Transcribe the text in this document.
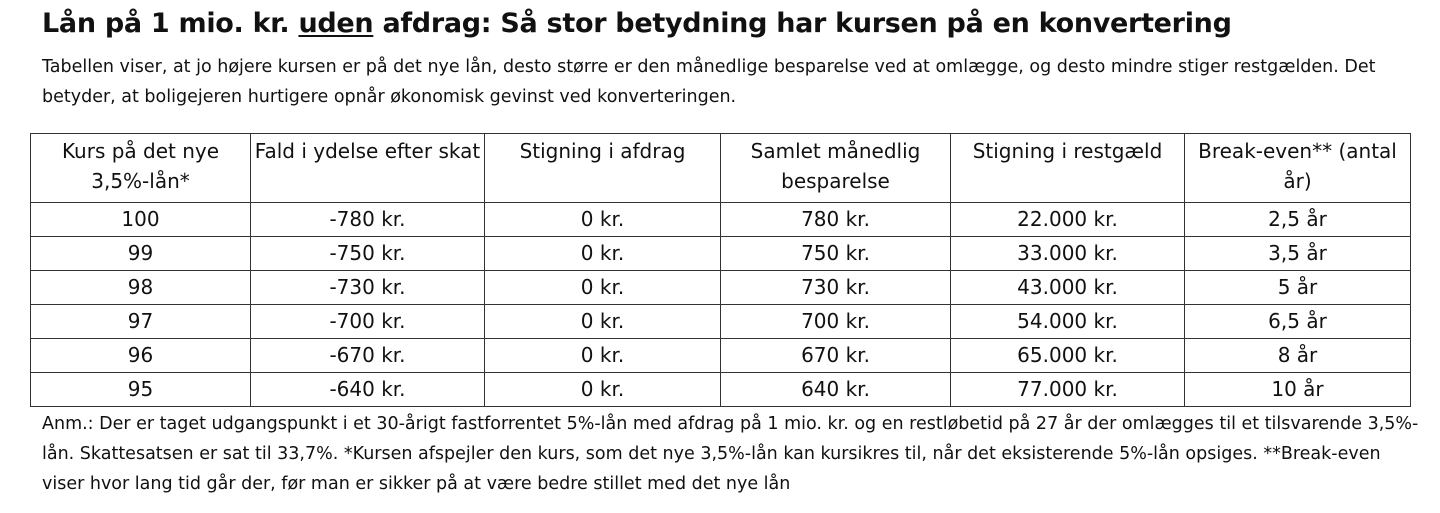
Lån på 1 mio. kr. uden afdrag: Så stor betydning har kursen på en konvertering
Tabellen viser, at jo højere kursen er på det nye lån, desto større er den månedlige besparelse ved at omlægge, og desto mindre stiger restgælden. Det betyder, at boligejeren hurtigere opnår økonomisk gevinst ved konverteringen.
Kurs på det nye 3,5%-lån*	Fald i ydelse efter skat	Stigning i afdrag	Samlet månedlig besparelse	Stigning i restgæld	Break-even** (antal år)
100	-780 kr.	0 kr.	780 kr.	22.000 kr.	2,5 år
99	-750 kr.	0 kr.	750 kr.	33.000 kr.	3,5 år
98	-730 kr.	0 kr.	730 kr.	43.000 kr.	5 år
97	-700 kr.	0 kr.	700 kr.	54.000 kr.	6,5 år
96	-670 kr.	0 kr.	670 kr.	65.000 kr.	8 år
95	-640 kr.	0 kr.	640 kr.	77.000 kr.	10 år
Anm.: Der er taget udgangspunkt i et 30-årigt fastforrentet 5%-lån med afdrag på 1 mio. kr. og en restløbetid på 27 år der omlægges til et tilsvarende 3,5%-lån. Skattesatsen er sat til 33,7%. *Kursen afspejler den kurs, som det nye 3,5%-lån kan kursikres til, når det eksisterende 5%-lån opsiges. **Break-even viser hvor lang tid går der, før man er sikker på at være bedre stillet med det nye lån
